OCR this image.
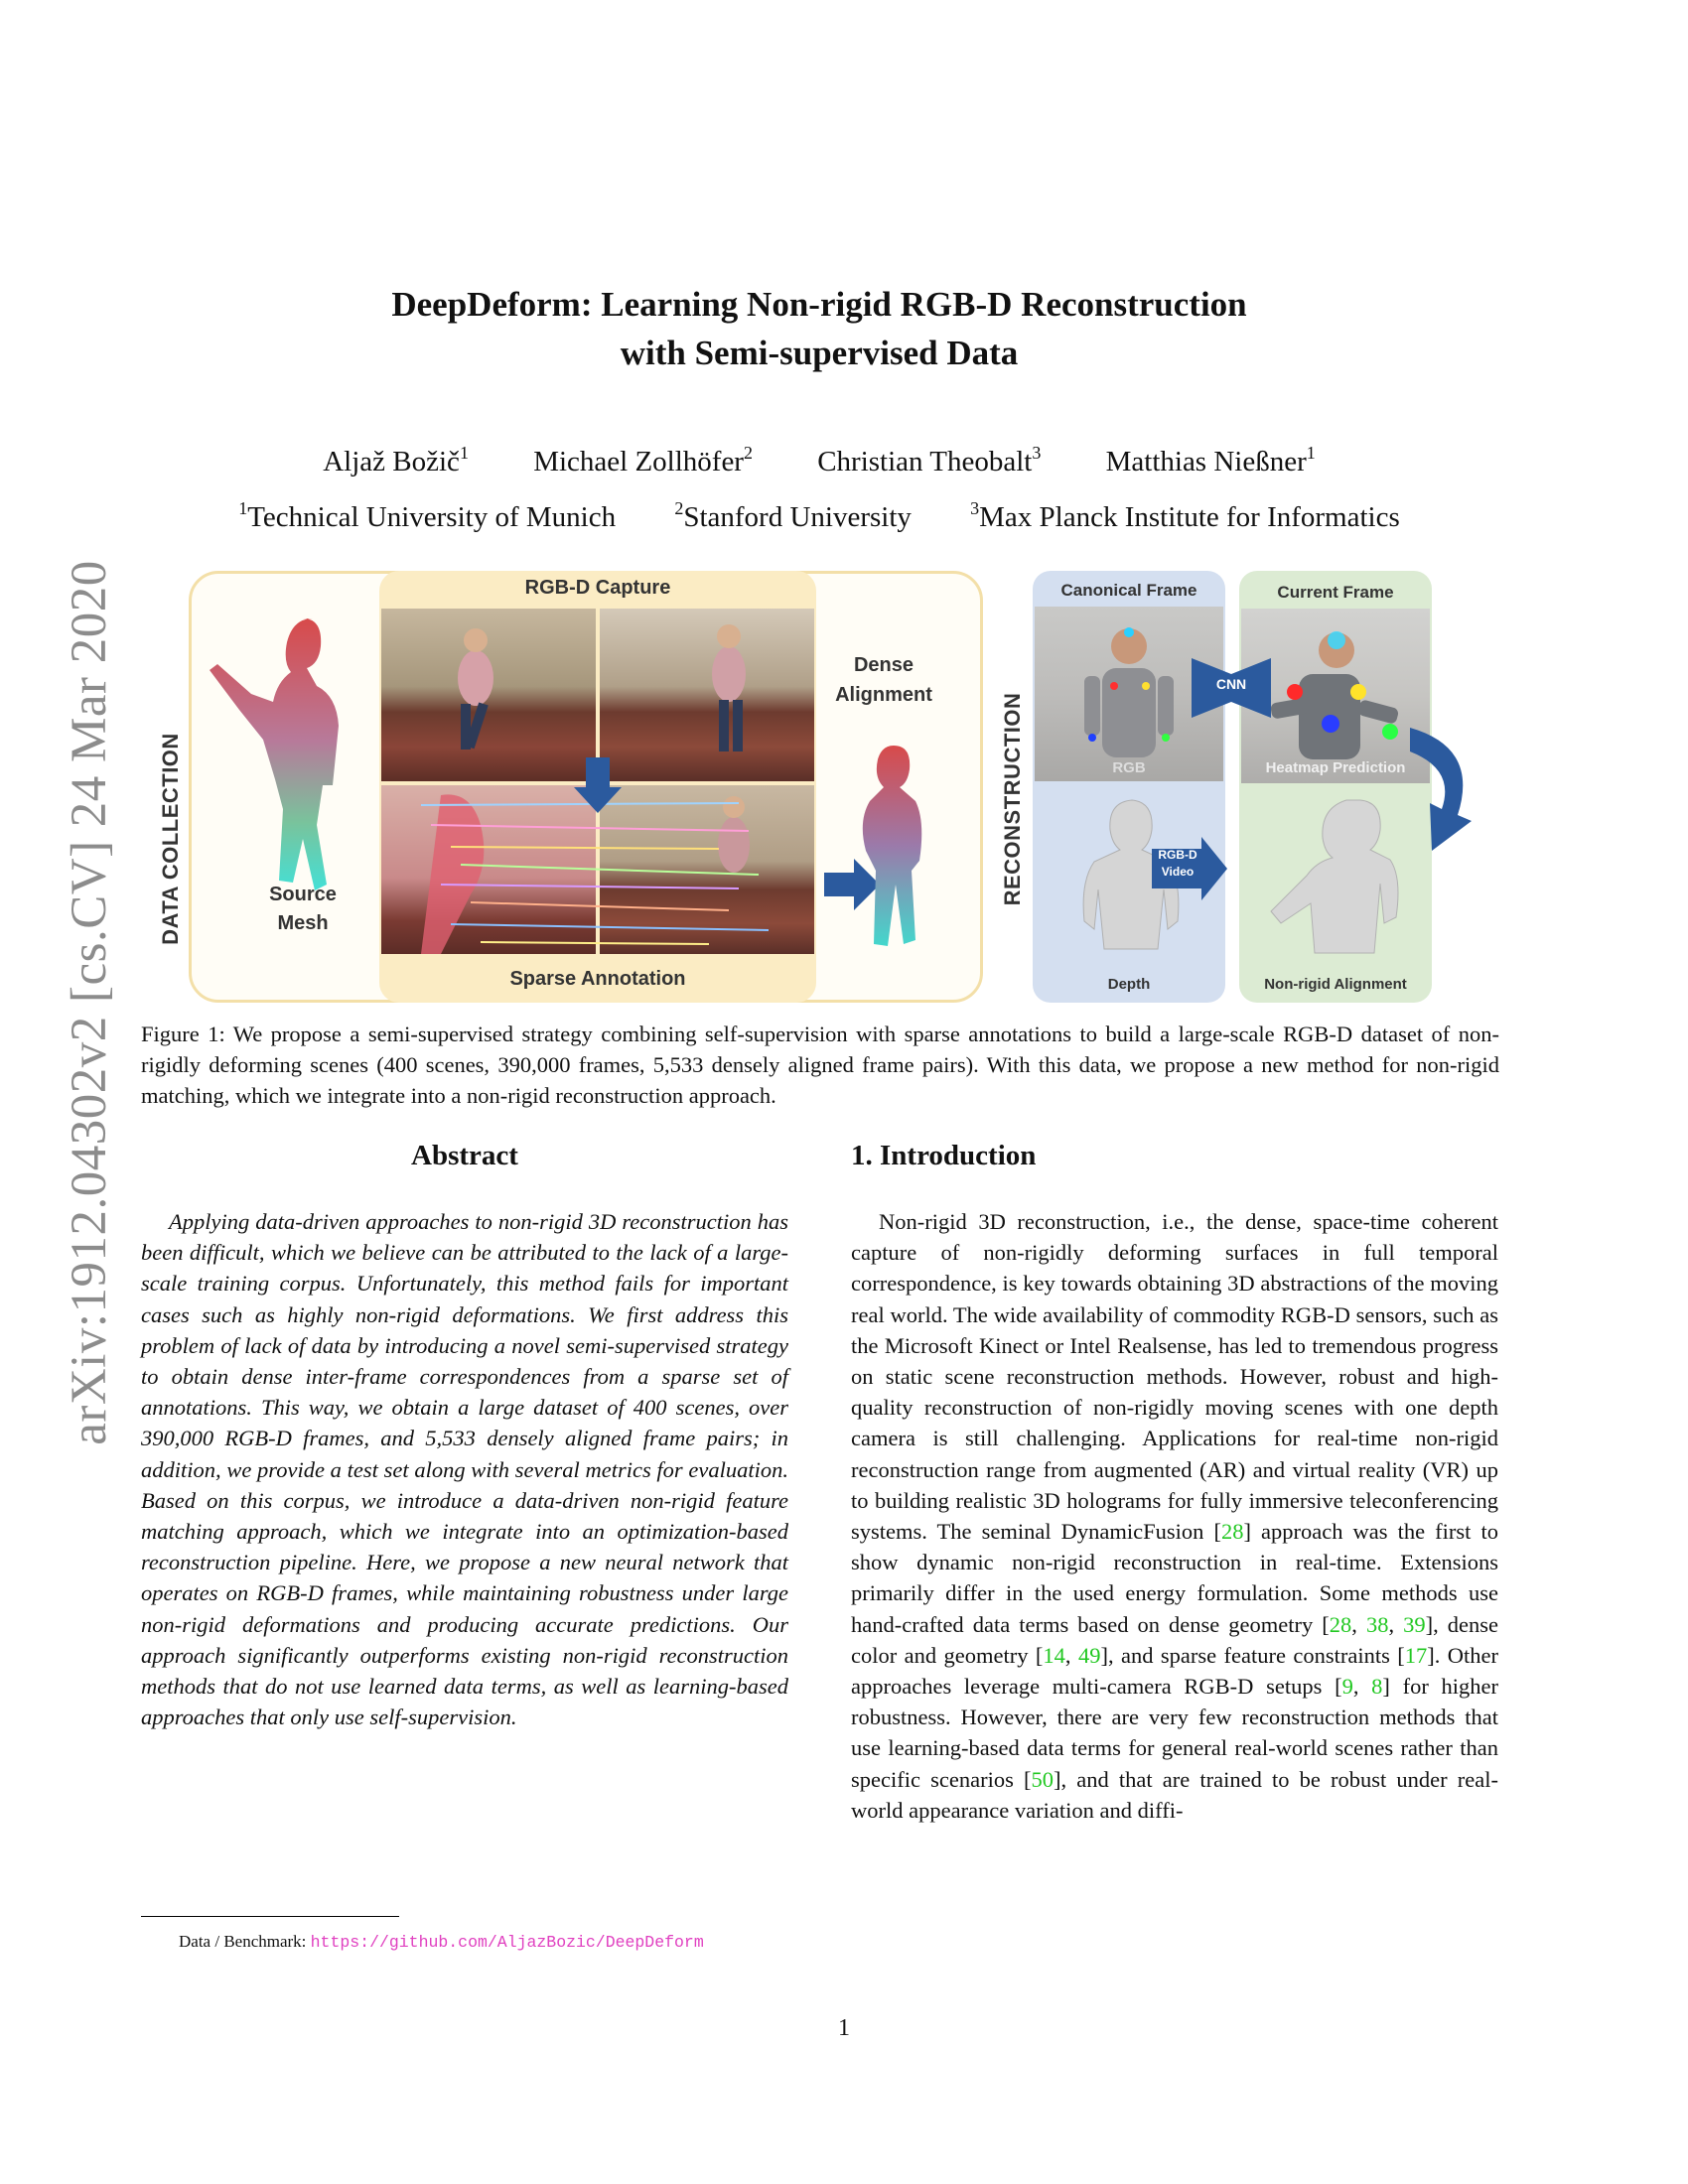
arXiv:1912.04302v2 [cs.CV] 24 Mar 2020
DeepDeform: Learning Non-rigid RGB-D Reconstruction
with Semi-supervised Data
Aljaž Božič$^1$ Michael Zollhöfer$^2$ Christian Theobalt$^3$ Matthias Nießner$^1$
$^1$Technical University of Munich	$^2$Stanford University	$^3$Max Planck Institute for Informatics
DATA COLLECTION	Source
Mesh
RGB-D Capture
Sparse Annotation
Dense
Alignment	RECONSTRUCTION
Canonical Frame	Current Frame
RGB	Heatmap Prediction
CNN
Depth
RGB-D
Video
Non-rigid Alignment
Figure 1: We propose a semi-supervised strategy combining self-supervision with sparse annotations to build a large-scale RGB-D dataset of non-rigidly deforming scenes (400 scenes, 390,000 frames, 5,533 densely aligned frame pairs). With this data, we propose a new method for non-rigid matching, which we integrate into a non-rigid reconstruction approach.
Abstract
Applying data-driven approaches to non-rigid 3D reconstruction has been difficult, which we believe can be attributed to the lack of a large-scale training corpus. Unfortunately, this method fails for important cases such as highly non-rigid deformations. We first address this problem of lack of data by introducing a novel semi-supervised strategy to obtain dense inter-frame correspondences from a sparse set of annotations. This way, we obtain a large dataset of 400 scenes, over 390,000 RGB-D frames, and 5,533 densely aligned frame pairs; in addition, we provide a test set along with several metrics for evaluation. Based on this corpus, we introduce a data-driven non-rigid feature matching approach, which we integrate into an optimization-based reconstruction pipeline. Here, we propose a new neural network that operates on RGB-D frames, while maintaining robustness under large non-rigid deformations and producing accurate predictions. Our approach significantly outperforms existing non-rigid reconstruction methods that do not use learned data terms, as well as learning-based approaches that only use self-supervision.
1. Introduction
Non-rigid 3D reconstruction, i.e., the dense, space-time coherent capture of non-rigidly deforming surfaces in full temporal correspondence, is key towards obtaining 3D abstractions of the moving real world. The wide availability of commodity RGB-D sensors, such as the Microsoft Kinect or Intel Realsense, has led to tremendous progress on static scene reconstruction methods. However, robust and high-quality reconstruction of non-rigidly moving scenes with one depth camera is still challenging. Applications for real-time non-rigid reconstruction range from augmented (AR) and virtual reality (VR) up to building realistic 3D holograms for fully immersive teleconferencing systems. The seminal DynamicFusion [28] approach was the first to show dynamic non-rigid reconstruction in real-time. Extensions primarily differ in the used energy formulation. Some methods use hand-crafted data terms based on dense geometry [28, 38, 39], dense color and geometry [14, 49], and sparse feature constraints [17]. Other approaches leverage multi-camera RGB-D setups [9, 8] for higher robustness. However, there are very few reconstruction methods that use learning-based data terms for general real-world scenes rather than specific scenarios [50], and that are trained to be robust under real-world appearance variation and diffi-
Data / Benchmark: https://github.com/AljazBozic/DeepDeform
1
